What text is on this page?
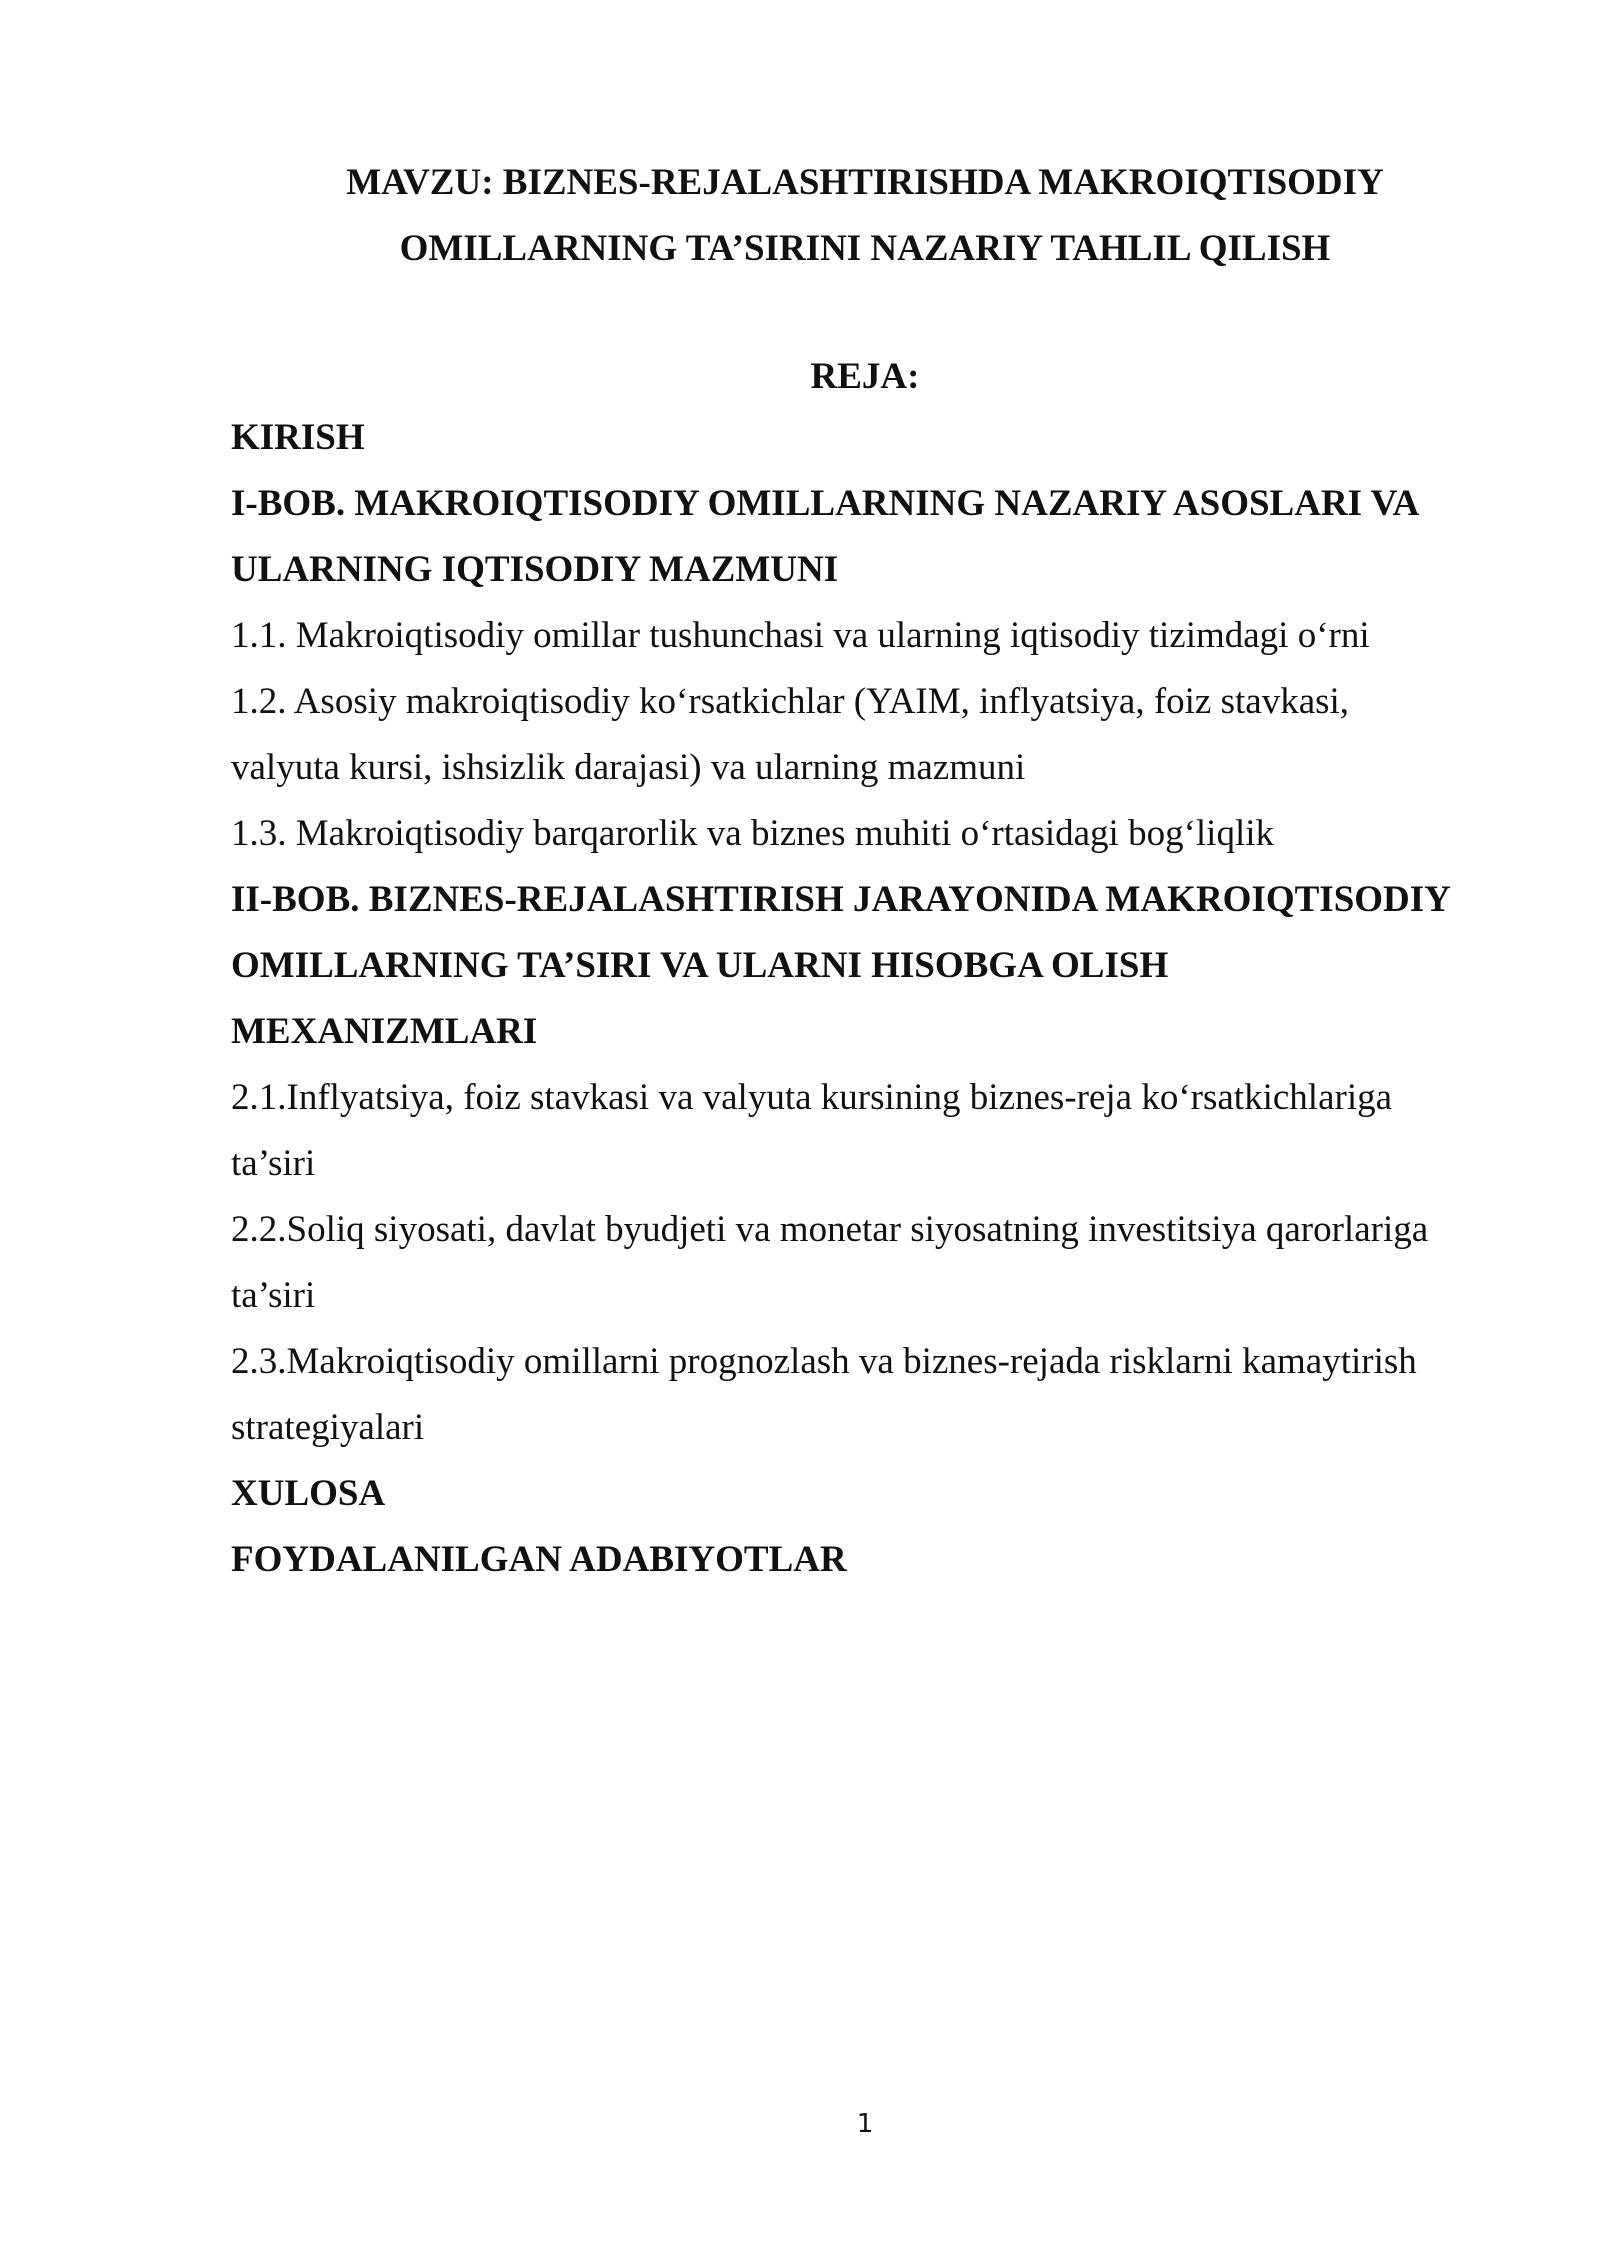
MAVZU: BIZNES-REJALASHTIRISHDA MAKROIQTISODIY
OMILLARNING TA’SIRINI NAZARIY TAHLIL QILISH
REJA:
KIRISH
I-BOB. MAKROIQTISODIY OMILLARNING NAZARIY ASOSLARI VA
ULARNING IQTISODIY MAZMUNI
1.1. Makroiqtisodiy omillar tushunchasi va ularning iqtisodiy tizimdagi o‘rni
1.2. Asosiy makroiqtisodiy ko‘rsatkichlar (YAIM, inflyatsiya, foiz stavkasi,
valyuta kursi, ishsizlik darajasi) va ularning mazmuni
1.3. Makroiqtisodiy barqarorlik va biznes muhiti o‘rtasidagi bog‘liqlik
II-BOB. BIZNES-REJALASHTIRISH JARAYONIDA MAKROIQTISODIY
OMILLARNING TA’SIRI VA ULARNI HISOBGA OLISH
MEXANIZMLARI
2.1.Inflyatsiya, foiz stavkasi va valyuta kursining biznes-reja ko‘rsatkichlariga
ta’siri
2.2.Soliq siyosati, davlat byudjeti va monetar siyosatning investitsiya qarorlariga
ta’siri
2.3.Makroiqtisodiy omillarni prognozlash va biznes-rejada risklarni kamaytirish
strategiyalari
XULOSA
FOYDALANILGAN ADABIYOTLAR
1
